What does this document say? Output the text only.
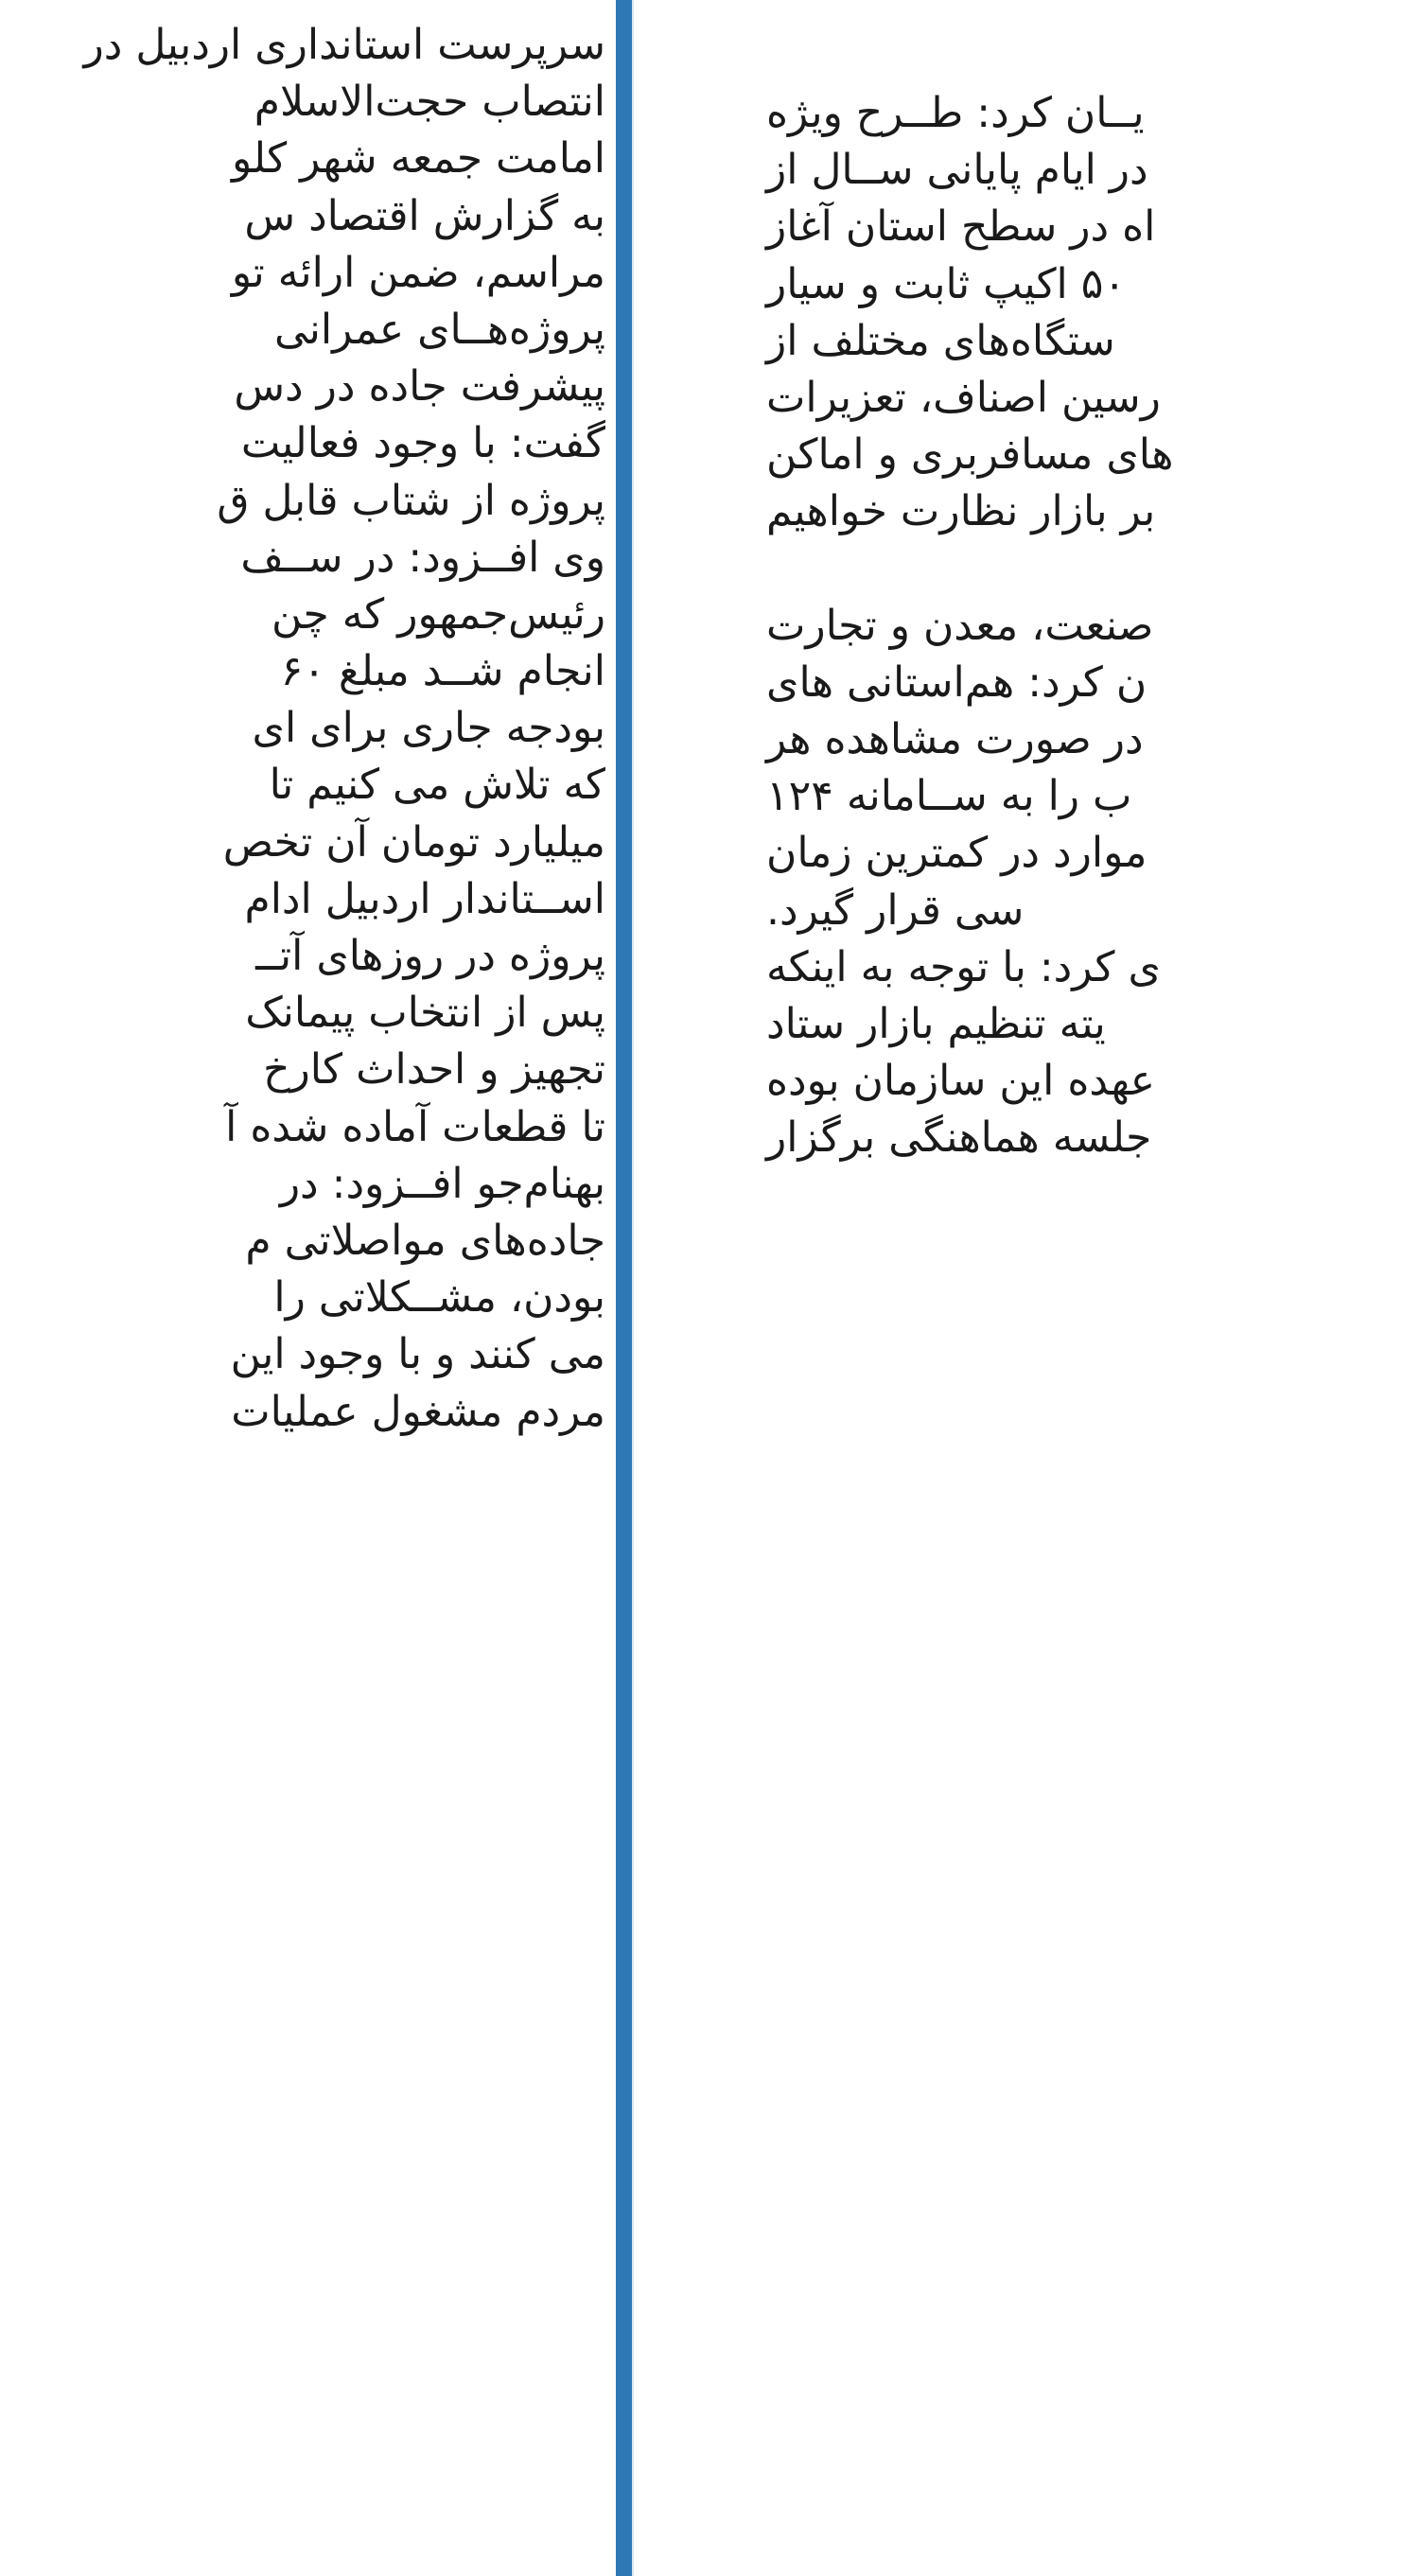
سرپرست استانداری اردبیل در
انتصاب حجت‌الاسلام
امامت جمعه شهر کلو
به گزارش اقتصاد س
مراسم، ضمن ارائه تو
پروژه‌هــای عمرانی
پیشرفت جاده در دس
گفت: با وجود فعالیت
پروژه از شتاب قابل ق
وی افــزود: در ســف
رئیس‌جمهور که چن
انجام شــد مبلغ ۶۰
بودجه جاری برای ای
که تلاش می کنیم تا
میلیارد تومان آن تخص
اســتاندار اردبیل ادام
پروژه در روزهای آتــ
پس از انتخاب پیمانک
تجهیز و احداث کارخ
تا قطعات آماده شده آ
بهنام‌جو افــزود: در
جاده‌های مواصلاتی م
بودن، مشــکلاتی را
می کنند و با وجود این
مردم مشغول عملیات
یــان کرد: طــرح ویژه
در ایام پایانی ســال از
اه در سطح استان آغاز
۵۰ اکیپ ثابت و سیار
ستگاه‌های مختلف از
رسین اصناف، تعزیرات
های مسافربری و اماکن
بر بازار نظارت خواهیم
صنعت، معدن و تجارت
ن کرد: هم‌استانی های
در صورت مشاهده هر
ب را به ســامانه ۱۲۴
موارد در کمترین زمان
سی قرار گیرد.
ی کرد: با توجه به اینکه
یته تنظیم بازار ستاد
عهده این سازمان بوده
جلسه هماهنگی برگزار
